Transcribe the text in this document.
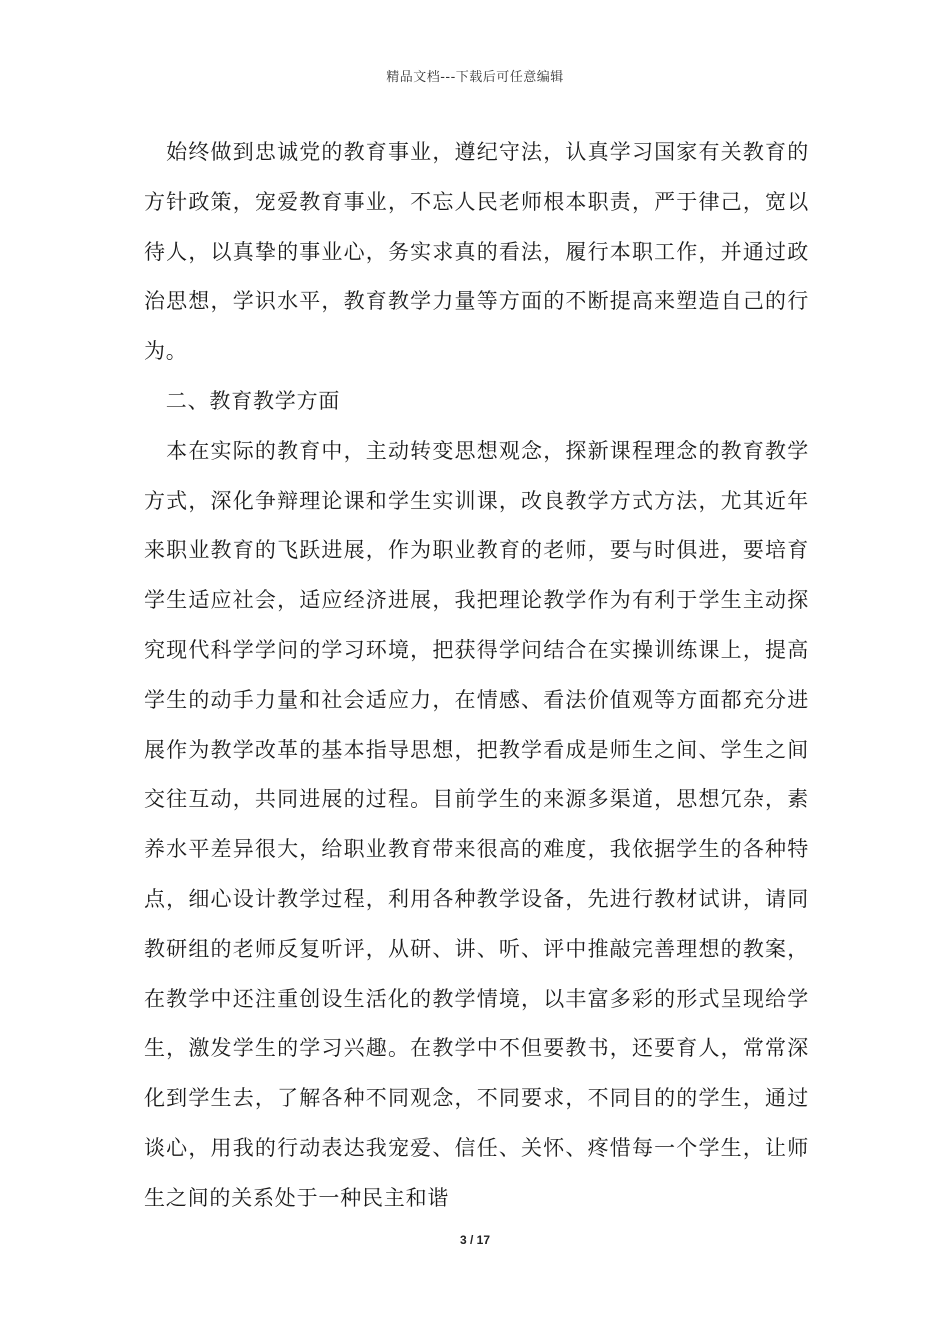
精品文档---下载后可任意编辑

　始终做到忠诚党的教育事业，遵纪守法，认真学习国家有关教育的方针政策，宠爱教育事业，不忘人民老师根本职责，严于律己，宽以待人，以真挚的事业心，务实求真的看法，履行本职工作，并通过政治思想，学识水平，教育教学力量等方面的不断提高来塑造自己的行为。

　二、教育教学方面

　本在实际的教育中，主动转变思想观念，探新课程理念的教育教学方式，深化争辩理论课和学生实训课，改良教学方式方法，尤其近年来职业教育的飞跃进展，作为职业教育的老师，要与时俱进，要培育学生适应社会，适应经济进展，我把理论教学作为有利于学生主动探究现代科学学问的学习环境，把获得学问结合在实操训练课上，提高学生的动手力量和社会适应力，在情感、看法价值观等方面都充分进展作为教学改革的基本指导思想，把教学看成是师生之间、学生之间交往互动，共同进展的过程。目前学生的来源多渠道，思想冗杂，素养水平差异很大，给职业教育带来很高的难度，我依据学生的各种特点，细心设计教学过程，利用各种教学设备，先进行教材试讲，请同教研组的老师反复听评，从研、讲、听、评中推敲完善理想的教案，在教学中还注重创设生活化的教学情境，以丰富多彩的形式呈现给学生，激发学生的学习兴趣。在教学中不但要教书，还要育人，常常深化到学生去，了解各种不同观念，不同要求，不同目的的学生，通过谈心，用我的行动表达我宠爱、信任、关怀、疼惜每一个学生，让师生之间的关系处于一种民主和谐

3 / 17
